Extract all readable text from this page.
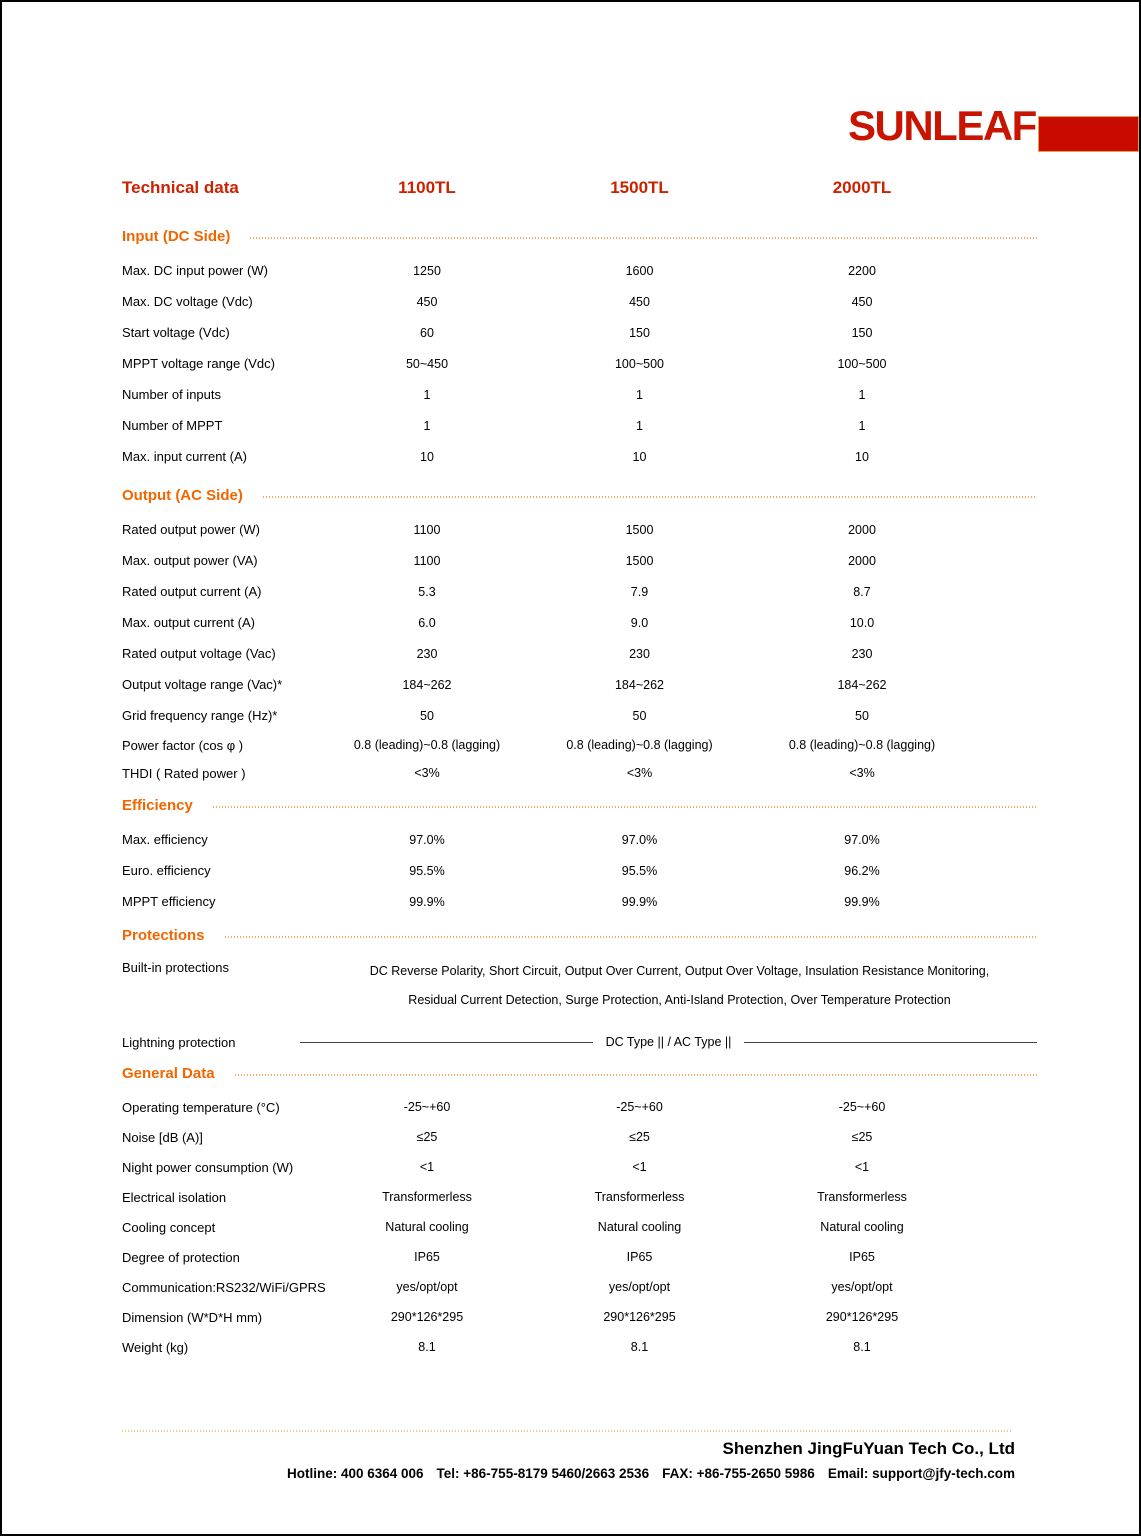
SUNLEAF
Technical data	1100TL	1500TL	2000TL
Input (DC Side)
Max. DC input power (W)	1250	1600	2200
Max. DC voltage (Vdc)	450	450	450
Start voltage (Vdc)	60	150	150
MPPT voltage range (Vdc)	50~450	100~500	100~500
Number of inputs	1	1	1
Number of MPPT	1	1	1
Max. input current (A)	10	10	10
Output (AC Side)
Rated output power (W)	1100	1500	2000
Max. output power (VA)	1100	1500	2000
Rated output current (A)	5.3	7.9	8.7
Max. output current (A)	6.0	9.0	10.0
Rated output voltage (Vac)	230	230	230
Output voltage range (Vac)*	184~262	184~262	184~262
Grid frequency range (Hz)*	50	50	50
Power factor (cos φ )	0.8 (leading)~0.8 (lagging)	0.8 (leading)~0.8 (lagging)	0.8 (leading)~0.8 (lagging)
THDI ( Rated power )	<3%	<3%	<3%
Efficiency
Max. efficiency	97.0%	97.0%	97.0%
Euro. efficiency	95.5%	95.5%	96.2%
MPPT efficiency	99.9%	99.9%	99.9%
Protections
Built-in protections	DC Reverse Polarity, Short Circuit, Output Over Current, Output Over Voltage, Insulation Resistance Monitoring,
Residual Current Detection, Surge Protection, Anti-Island Protection, Over Temperature Protection
Lightning protection	DC Type || / AC Type ||
General Data
Operating temperature (°C)	-25~+60	-25~+60	-25~+60
Noise [dB (A)]	≤25	≤25	≤25
Night power consumption (W)	<1	<1	<1
Electrical isolation	Transformerless	Transformerless	Transformerless
Cooling concept	Natural cooling	Natural cooling	Natural cooling
Degree of protection	IP65	IP65	IP65
Communication:RS232/WiFi/GPRS	yes/opt/opt	yes/opt/opt	yes/opt/opt
Dimension (W*D*H mm)	290*126*295	290*126*295	290*126*295
Weight (kg)	8.1	8.1	8.1
Shenzhen JingFuYuan Tech Co., Ltd
Hotline: 400 6364 006 Tel: +86-755-8179 5460/2663 2536 FAX: +86-755-2650 5986 Email: support@jfy-tech.com
